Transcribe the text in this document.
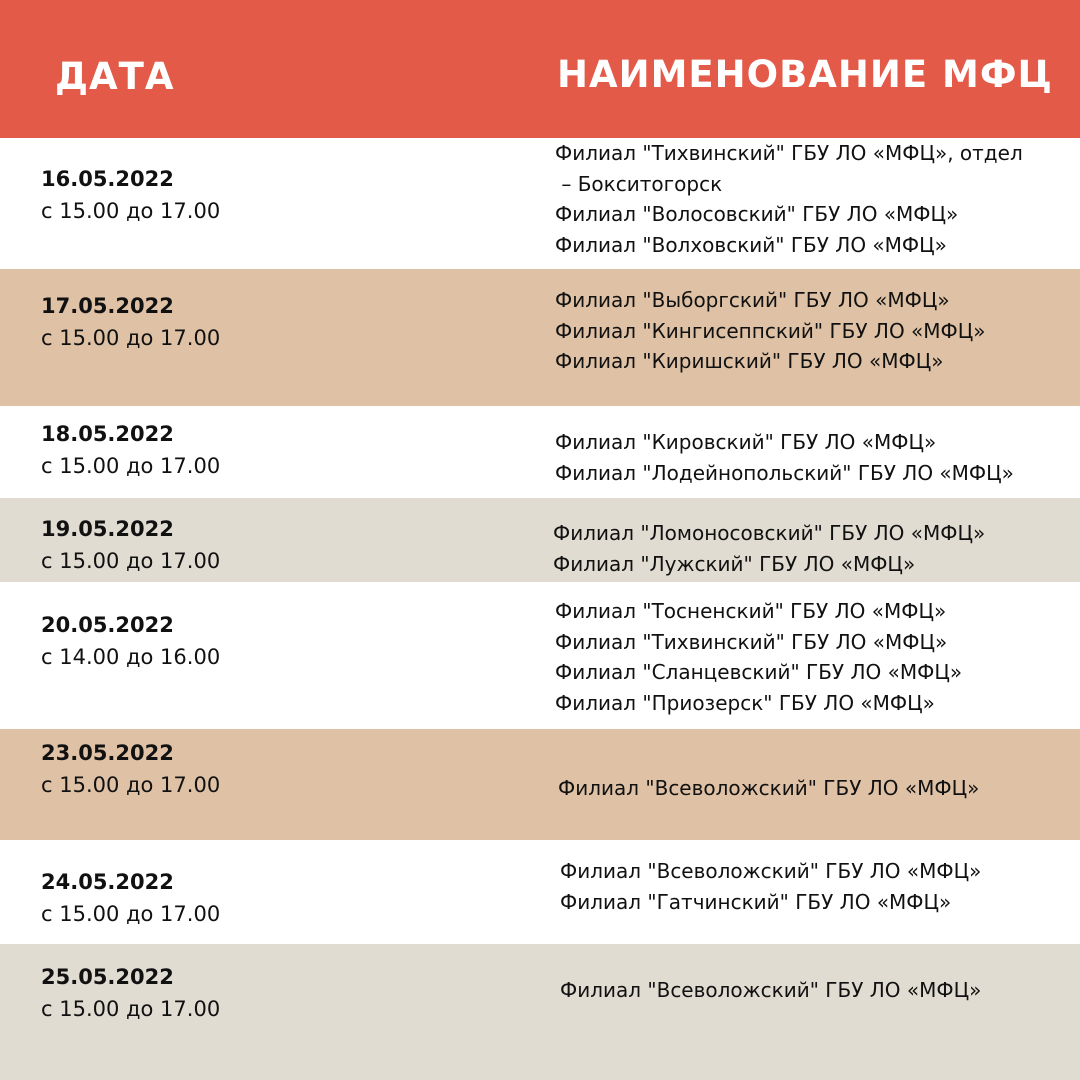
ДАТА	НАИМЕНОВАНИЕ МФЦ
16.05.2022
с 15.00 до 17.00
Филиал "Тихвинский" ГБУ ЛО «МФЦ», отдел
– Бокситогорск
Филиал "Волосовский" ГБУ ЛО «МФЦ»
Филиал "Волховский" ГБУ ЛО «МФЦ»
17.05.2022
с 15.00 до 17.00
Филиал "Выборгский" ГБУ ЛО «МФЦ»
Филиал "Кингисеппский" ГБУ ЛО «МФЦ»
Филиал "Киришский" ГБУ ЛО «МФЦ»
18.05.2022
с 15.00 до 17.00
Филиал "Кировский" ГБУ ЛО «МФЦ»
Филиал "Лодейнопольский" ГБУ ЛО «МФЦ»
19.05.2022
с 15.00 до 17.00
Филиал "Ломоносовский" ГБУ ЛО «МФЦ»
Филиал "Лужский" ГБУ ЛО «МФЦ»
20.05.2022
с 14.00 до 16.00
Филиал "Тосненский" ГБУ ЛО «МФЦ»
Филиал "Тихвинский" ГБУ ЛО «МФЦ»
Филиал "Сланцевский" ГБУ ЛО «МФЦ»
Филиал "Приозерск" ГБУ ЛО «МФЦ»
23.05.2022
с 15.00 до 17.00	Филиал "Всеволожский" ГБУ ЛО «МФЦ»
24.05.2022
с 15.00 до 17.00
Филиал "Всеволожский" ГБУ ЛО «МФЦ»
Филиал "Гатчинский" ГБУ ЛО «МФЦ»
25.05.2022
с 15.00 до 17.00
Филиал "Всеволожский" ГБУ ЛО «МФЦ»
